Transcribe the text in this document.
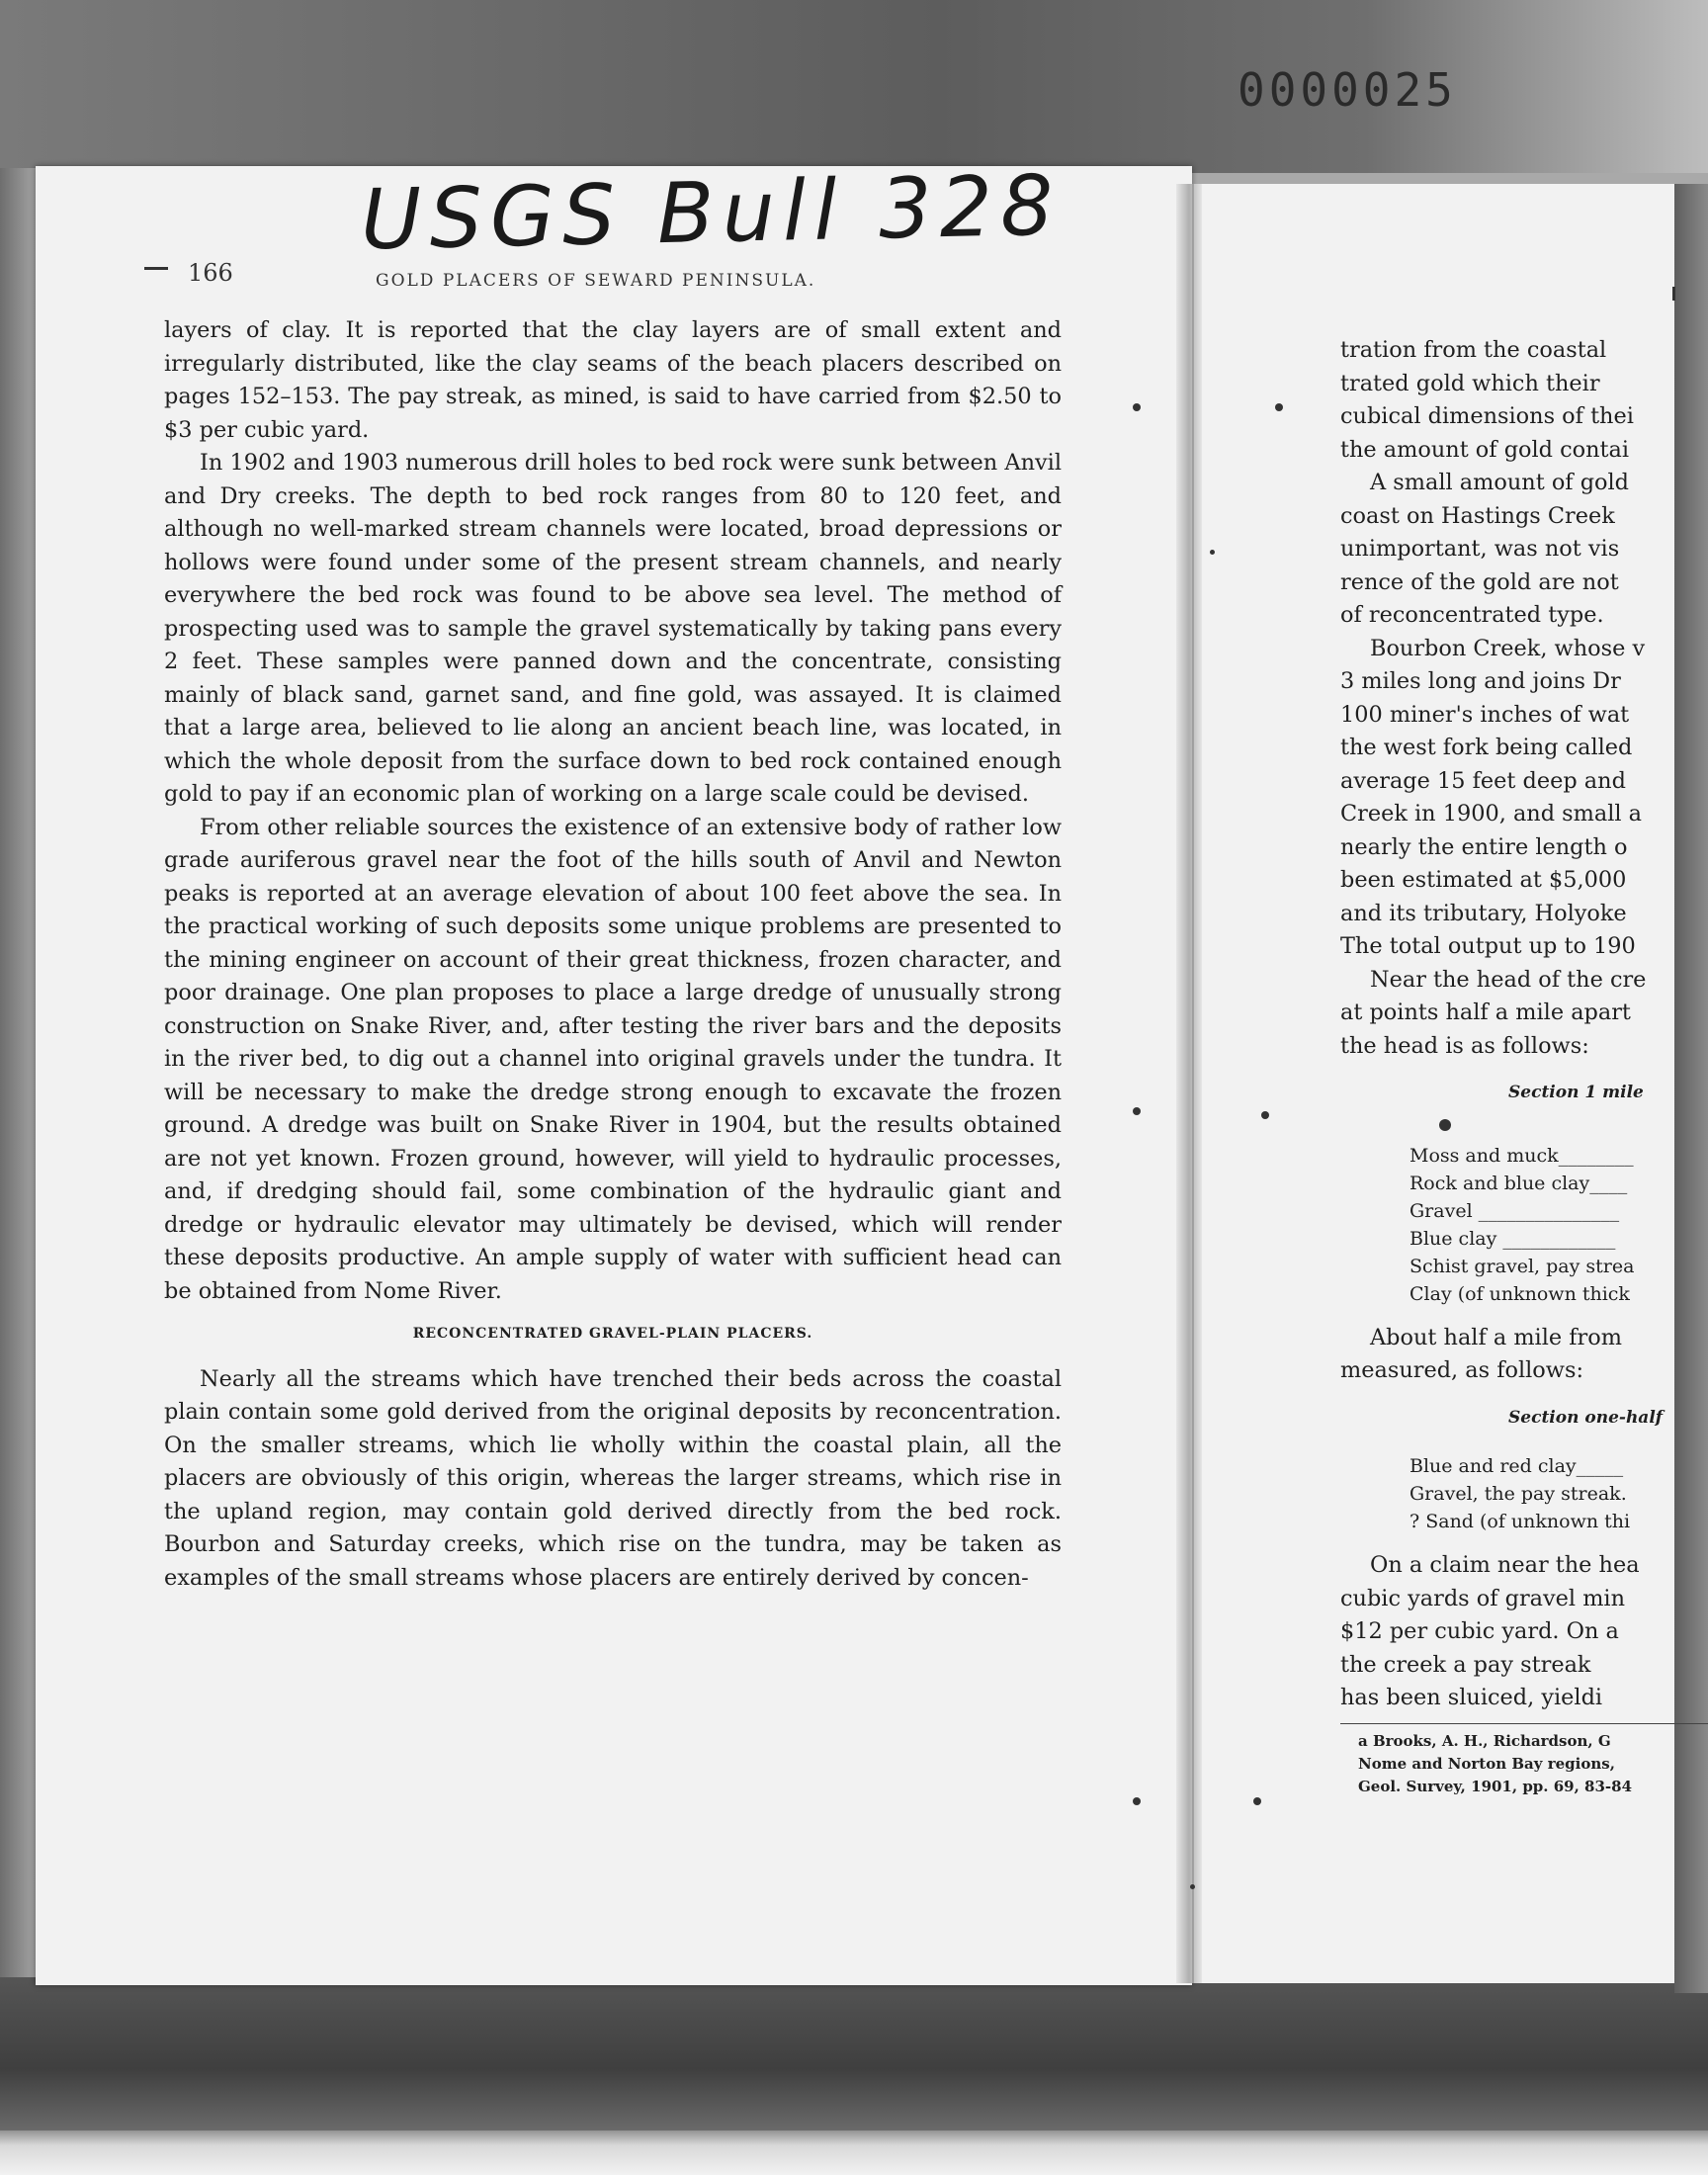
0000025
USGS Bull 328
166	GOLD PLACERS OF SEWARD PENINSULA.

layers of clay. It is reported that the clay layers are of small extent and irregularly distributed, like the clay seams of the beach placers described on pages 152–153. The pay streak, as mined, is said to have carried from $2.50 to $3 per cubic yard.

In 1902 and 1903 numerous drill holes to bed rock were sunk between Anvil and Dry creeks. The depth to bed rock ranges from 80 to 120 feet, and although no well-marked stream channels were located, broad depressions or hollows were found under some of the present stream channels, and nearly everywhere the bed rock was found to be above sea level. The method of prospecting used was to sample the gravel systematically by taking pans every 2 feet. These samples were panned down and the concentrate, consisting mainly of black sand, garnet sand, and fine gold, was assayed. It is claimed that a large area, believed to lie along an ancient beach line, was located, in which the whole deposit from the surface down to bed rock contained enough gold to pay if an economic plan of working on a large scale could be devised.

From other reliable sources the existence of an extensive body of rather low grade auriferous gravel near the foot of the hills south of Anvil and Newton peaks is reported at an average elevation of about 100 feet above the sea. In the practical working of such deposits some unique problems are presented to the mining engineer on account of their great thickness, frozen character, and poor drainage. One plan proposes to place a large dredge of unusually strong construction on Snake River, and, after testing the river bars and the deposits in the river bed, to dig out a channel into original gravels under the tundra. It will be necessary to make the dredge strong enough to excavate the frozen ground. A dredge was built on Snake River in 1904, but the results obtained are not yet known. Frozen ground, however, will yield to hydraulic processes, and, if dredging should fail, some combination of the hydraulic giant and dredge or hydraulic elevator may ultimately be devised, which will render these deposits productive. An ample supply of water with sufficient head can be obtained from Nome River.

RECONCENTRATED GRAVEL-PLAIN PLACERS.

Nearly all the streams which have trenched their beds across the coastal plain contain some gold derived from the original deposits by reconcentration. On the smaller streams, which lie wholly within the coastal plain, all the placers are obviously of this origin, whereas the larger streams, which rise in the upland region, may contain gold derived directly from the bed rock. Bourbon and Saturday creeks, which rise on the tundra, may be taken as examples of the small streams whose placers are entirely derived by concen-

tration from the coastal
trated gold which their
cubical dimensions of thei
the amount of gold contai
A small amount of gold
coast on Hastings Creek
unimportant, was not vis
rence of the gold are not
of reconcentrated type.
Bourbon Creek, whose v
3 miles long and joins Dr
100 miner's inches of wat
the west fork being called
average 15 feet deep and
Creek in 1900, and small a
nearly the entire length o
been estimated at $5,000
and its tributary, Holyoke
The total output up to 190
Near the head of the cre
at points half a mile apart
the head is as follows:
Section 1 mile
Moss and muck________
Rock and blue clay____
Gravel _______________
Blue clay ____________
Schist gravel, pay strea
Clay (of unknown thick
About half a mile from
measured, as follows:
Section one-half
Blue and red clay_____
Gravel, the pay streak.
? Sand (of unknown thi
On a claim near the hea
cubic yards of gravel min
$12 per cubic yard. On a
the creek a pay streak
has been sluiced, yieldi
a Brooks, A. H., Richardson, G
Nome and Norton Bay regions,
Geol. Survey, 1901, pp. 69, 83-84
